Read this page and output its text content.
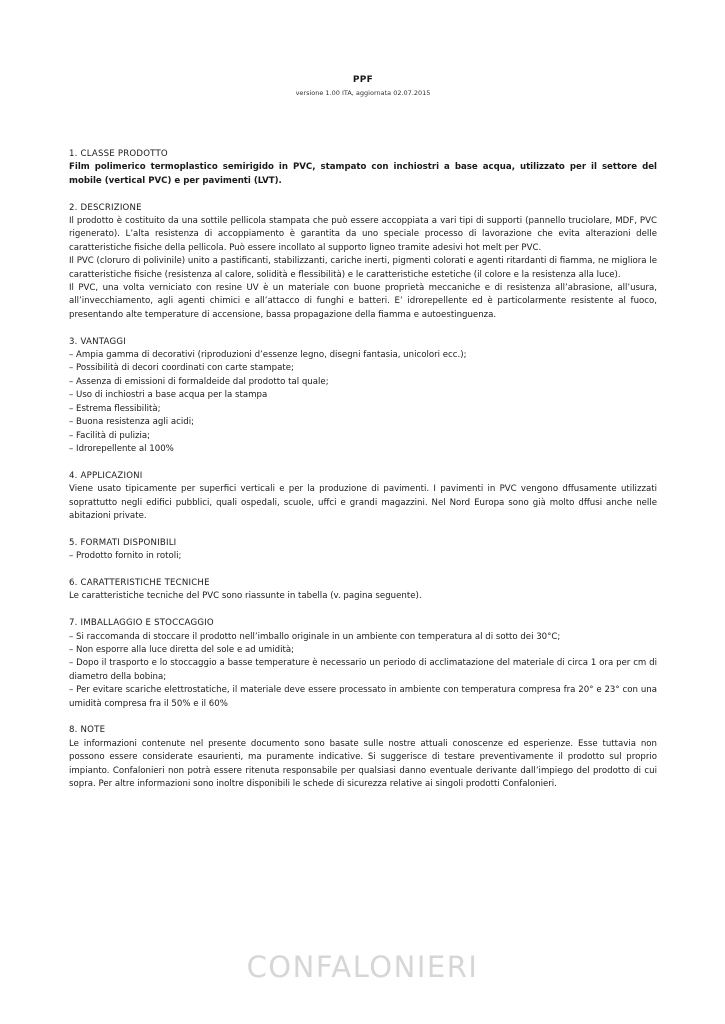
PPF
versione 1.00 ITA, aggiornata 02.07.2015
1. CLASSE PRODOTTO
Film polimerico termoplastico semirigido in PVC, stampato con inchiostri a base acqua, utilizzato per il settore del mobile (vertical PVC) e per pavimenti (LVT).
2. DESCRIZIONE
Il prodotto è costituito da una sottile pellicola stampata che può essere accoppiata a vari tipi di supporti (pannello truciolare, MDF, PVC rigenerato). L’alta resistenza di accoppiamento è garantita da uno speciale processo di lavorazione che evita alterazioni delle caratteristiche fisiche della pellicola. Può essere incollato al supporto ligneo tramite adesivi hot melt per PVC.
Il PVC (cloruro di polivinile) unito a pastificanti, stabilizzanti, cariche inerti, pigmenti colorati e agenti ritardanti di fiamma, ne migliora le caratteristiche fisiche (resistenza al calore, solidità e flessibilità) e le caratteristiche estetiche (il colore e la resistenza alla luce).
Il PVC, una volta verniciato con resine UV è un materiale con buone proprietà meccaniche e di resistenza all’abrasione, all’usura, all’invecchiamento, agli agenti chimici e all’attacco di funghi e batteri. E’ idrorepellente ed è particolarmente resistente al fuoco, presentando alte temperature di accensione, bassa propagazione della fiamma e autoestinguenza.
3. VANTAGGI
– Ampia gamma di decorativi (riproduzioni d’essenze legno, disegni fantasia, unicolori ecc.);
– Possibilità di decori coordinati con carte stampate;
– Assenza di emissioni di formaldeide dal prodotto tal quale;
– Uso di inchiostri a base acqua per la stampa
– Estrema flessibilità;
– Buona resistenza agli acidi;
– Facilità di pulizia;
– Idrorepellente al 100%
4. APPLICAZIONI
Viene usato tipicamente per superfici verticali e per la produzione di pavimenti. I pavimenti in PVC vengono dffusamente utilizzati soprattutto negli edifici pubblici, quali ospedali, scuole, uffci e grandi magazzini. Nel Nord Europa sono già molto dffusi anche nelle abitazioni private.
5. FORMATI DISPONIBILI
– Prodotto fornito in rotoli;
6. CARATTERISTICHE TECNICHE
Le caratteristiche tecniche del PVC sono riassunte in tabella (v. pagina seguente).
7. IMBALLAGGIO E STOCCAGGIO
– Si raccomanda di stoccare il prodotto nell’imballo originale in un ambiente con temperatura al di sotto dei 30°C;
– Non esporre alla luce diretta del sole e ad umidità;
– Dopo il trasporto e lo stoccaggio a basse temperature è necessario un periodo di acclimatazione del materiale di circa 1 ora per cm di diametro della bobina;
– Per evitare scariche elettrostatiche, il materiale deve essere processato in ambiente con temperatura compresa fra 20° e 23° con una umidità compresa fra il 50% e il 60%
8. NOTE
Le informazioni contenute nel presente documento sono basate sulle nostre attuali conoscenze ed esperienze. Esse tuttavia non possono essere considerate esaurienti, ma puramente indicative. Si suggerisce di testare preventivamente il prodotto sul proprio impianto. Confalonieri non potrà essere ritenuta responsabile per qualsiasi danno eventuale derivante dall’impiego del prodotto di cui sopra. Per altre informazioni sono inoltre disponibili le schede di sicurezza relative ai singoli prodotti Confalonieri.
CONFALONIERI
